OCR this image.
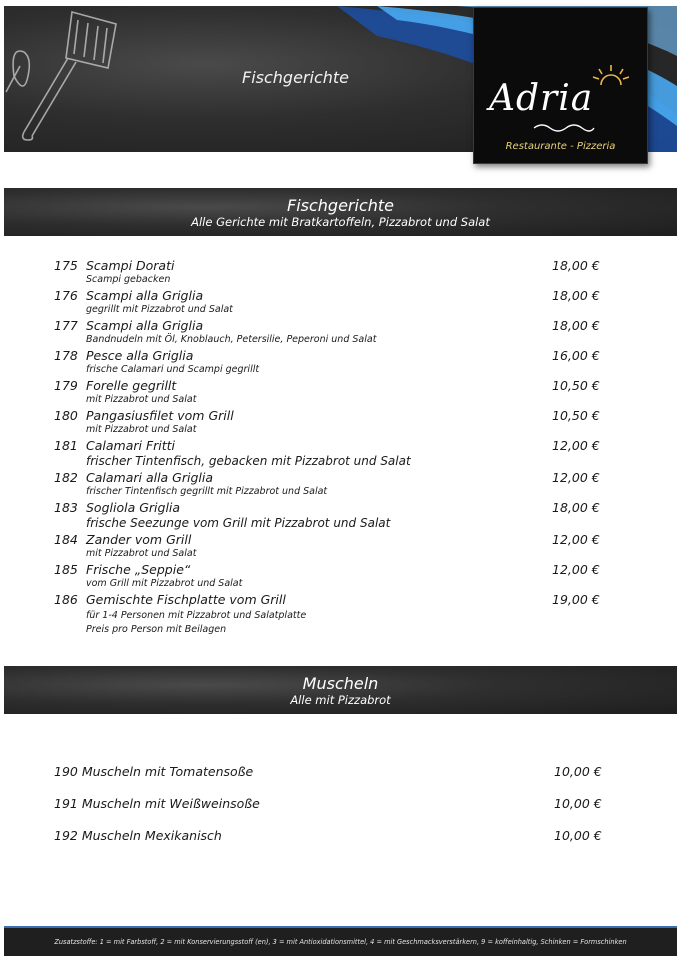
Fischgerichte
Adria
Restaurante - Pizzeria
Fischgerichte
Alle Gerichte mit Bratkartoffeln, Pizzabrot und Salat
175 Scampi Dorati	18,00 €
Scampi gebacken
176 Scampi alla Griglia	18,00 €
gegrillt mit Pizzabrot und Salat
177 Scampi alla Griglia	18,00 €
Bandnudeln mit Öl, Knoblauch, Petersilie, Peperoni und Salat
178 Pesce alla Griglia	16,00 €
frische Calamari und Scampi gegrillt
179 Forelle gegrillt	10,50 €
mit Pizzabrot und Salat
180 Pangasiusfilet vom Grill	10,50 €
mit Pizzabrot und Salat
181 Calamari Fritti	12,00 €
frischer Tintenfisch, gebacken mit Pizzabrot und Salat
182 Calamari alla Griglia	12,00 €
frischer Tintenfisch gegrillt mit Pizzabrot und Salat
183 Sogliola Griglia	18,00 €
frische Seezunge vom Grill mit Pizzabrot und Salat
184 Zander vom Grill	12,00 €
mit Pizzabrot und Salat
185 Frische „Seppie“	12,00 €
vom Grill mit Pizzabrot und Salat
186 Gemischte Fischplatte vom Grill	19,00 €
für 1-4 Personen mit Pizzabrot und Salatplatte
Preis pro Person mit Beilagen
Muscheln
Alle mit Pizzabrot
190 Muscheln mit Tomatensoße	10,00 €
191 Muscheln mit Weißweinsoße	10,00 €
192 Muscheln Mexikanisch	10,00 €
Zusatzstoffe: 1 = mit Farbstoff, 2 = mit Konservierungsstoff (en), 3 = mit Antioxidationsmittel, 4 = mit Geschmacksverstärkern, 9 = koffeinhaltig, Schinken = Formschinken
